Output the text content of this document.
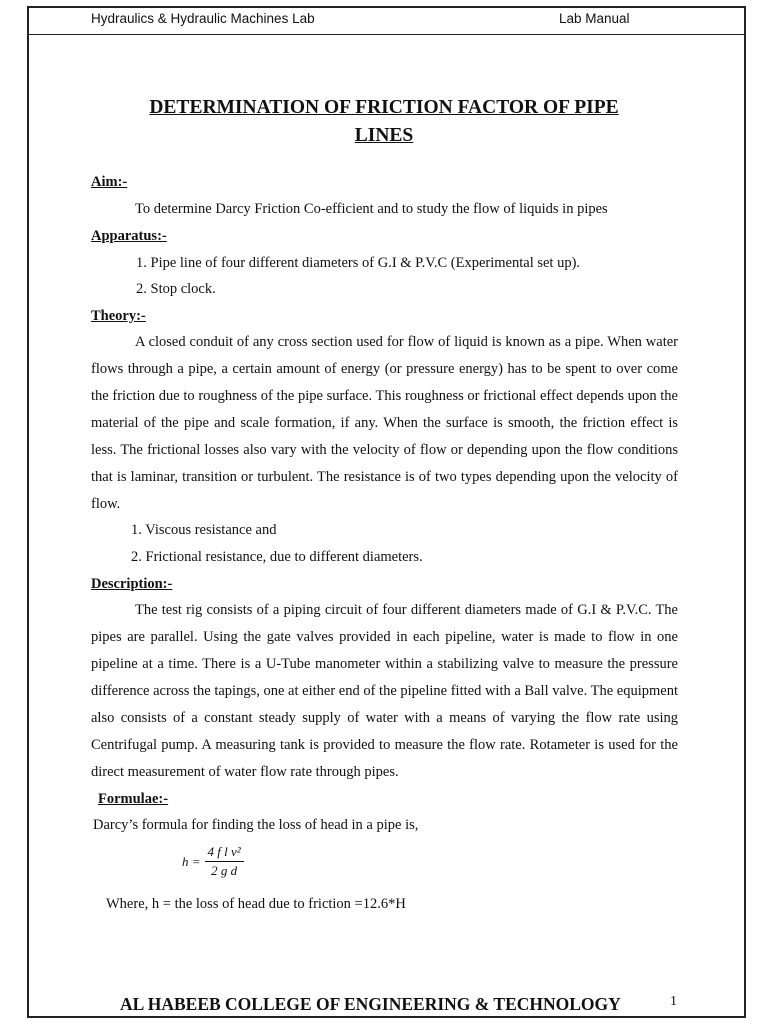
Hydraulics & Hydraulic Machines Lab	Lab Manual
DETERMINATION OF FRICTION FACTOR OF PIPE
LINES
Aim:-
To determine Darcy Friction Co-efficient and to study the flow of liquids in pipes
Apparatus:-
1. Pipe line of four different diameters of G.I & P.V.C (Experimental set up).
2. Stop clock.
Theory:-

A closed conduit of any cross section used for flow of liquid is known as a pipe. When water flows through a pipe, a certain amount of energy (or pressure energy) has to be spent to over come the friction due to roughness of the pipe surface. This roughness or frictional effect depends upon the material of the pipe and scale formation, if any. When the surface is smooth, the friction effect is less. The frictional losses also vary with the velocity of flow or depending upon the flow conditions that is laminar, transition or turbulent. The resistance is of two types depending upon the velocity of flow.

1. Viscous resistance and
2. Frictional resistance, due to different diameters.
Description:-

The test rig consists of a piping circuit of four different diameters made of G.I & P.V.C. The pipes are parallel. Using the gate valves provided in each pipeline, water is made to flow in one pipeline at a time. There is a U-Tube manometer within a stabilizing valve to measure the pressure difference across the tapings, one at either end of the pipeline fitted with a Ball valve. The equipment also consists of a constant steady supply of water with a means of varying the flow rate using Centrifugal pump. A measuring tank is provided to measure the flow rate. Rotameter is used for the direct measurement of water flow rate through pipes.

Formulae:-
Darcy’s formula for finding the loss of head in a pipe is,
$h = \frac{\text{4 f l v²}}{\text{2 g d}}$
Where, h = the loss of head due to friction =12.6*H
AL HABEEB COLLEGE OF ENGINEERING & TECHNOLOGY	1
